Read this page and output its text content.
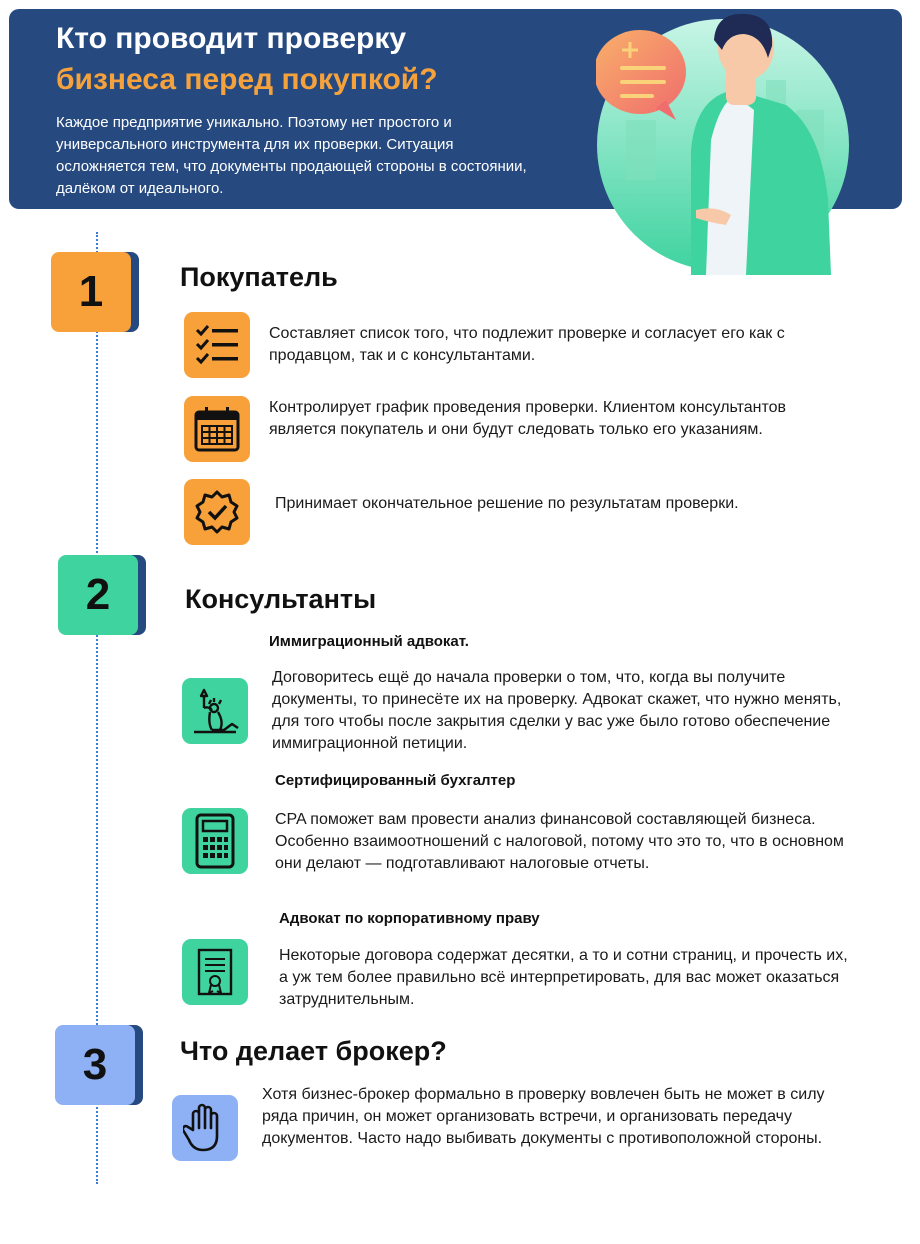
Кто проводит проверку
бизнеса перед покупкой?
Каждое предприятие уникально. Поэтому нет простого и универсального инструмента для их проверки. Ситуация осложняется тем, что документы продающей стороны в состоянии, далёком от идеального.
1	Покупатель
Составляет список того, что подлежит проверке и согласует его как с продавцом, так и с консультантами.
Контролирует график проведения проверки. Клиентом консультантов является покупатель и они будут следовать только его указаниям.
Принимает окончательное решение по результатам проверки.
2	Консультанты
Иммиграционный адвокат.
Договоритесь ещё до начала проверки о том, что, когда вы получите документы, то принесёте их на проверку. Адвокат скажет, что нужно менять, для того чтобы после закрытия сделки у вас уже было готово обеспечение иммиграционной петиции.
Сертифицированный бухгалтер
CPA поможет вам провести анализ финансовой составляющей бизнеса. Особенно взаимоотношений с налоговой, потому что это то, что в основном они делают — подготавливают налоговые отчеты.
Адвокат по корпоративному праву
Некоторые договора содержат десятки, а то и сотни страниц, и прочесть их, а уж тем более правильно всё интерпретировать, для вас может оказаться затруднительным.
3	Что делает брокер?
Хотя бизнес-брокер формально в проверку вовлечен быть не может в силу ряда причин, он может организовать встречи, и организовать передачу документов. Часто надо выбивать документы с противоположной стороны.
